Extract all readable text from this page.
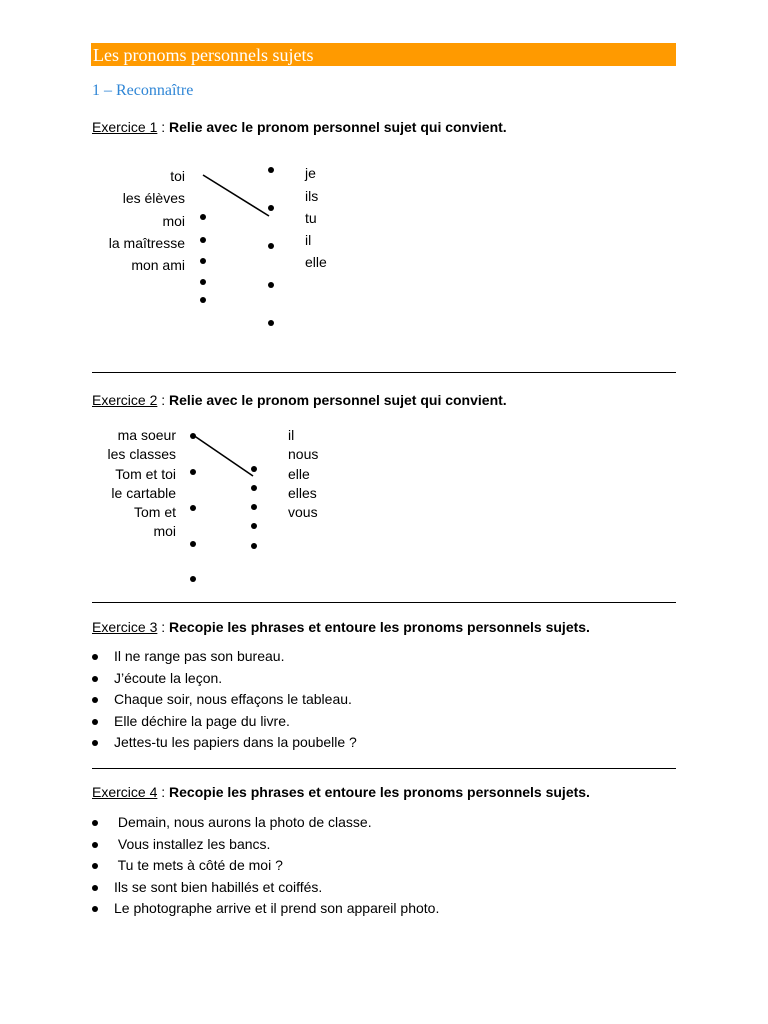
Les pronoms personnels sujets
1 – Reconnaître
Exercice 1 : Relie avec le pronom personnel sujet qui convient.
toi
les élèves
moi
la maîtresse
mon ami
je
ils
tu
il
elle
Exercice 2 : Relie avec le pronom personnel sujet qui convient.
ma soeur
les classes
Tom et toi
le cartable
Tom et
moi
il
nous
elle
elles
vous
Exercice 3 : Recopie les phrases et entoure les pronoms personnels sujets.
Il ne range pas son bureau.
J’écoute la leçon.
Chaque soir, nous effaçons le tableau.
Elle déchire la page du livre.
Jettes-tu les papiers dans la poubelle ?
Exercice 4 : Recopie les phrases et entoure les pronoms personnels sujets.
Demain, nous aurons la photo de classe.
Vous installez les bancs.
Tu te mets à côté de moi ?
Ils se sont bien habillés et coiffés.
Le photographe arrive et il prend son appareil photo.
